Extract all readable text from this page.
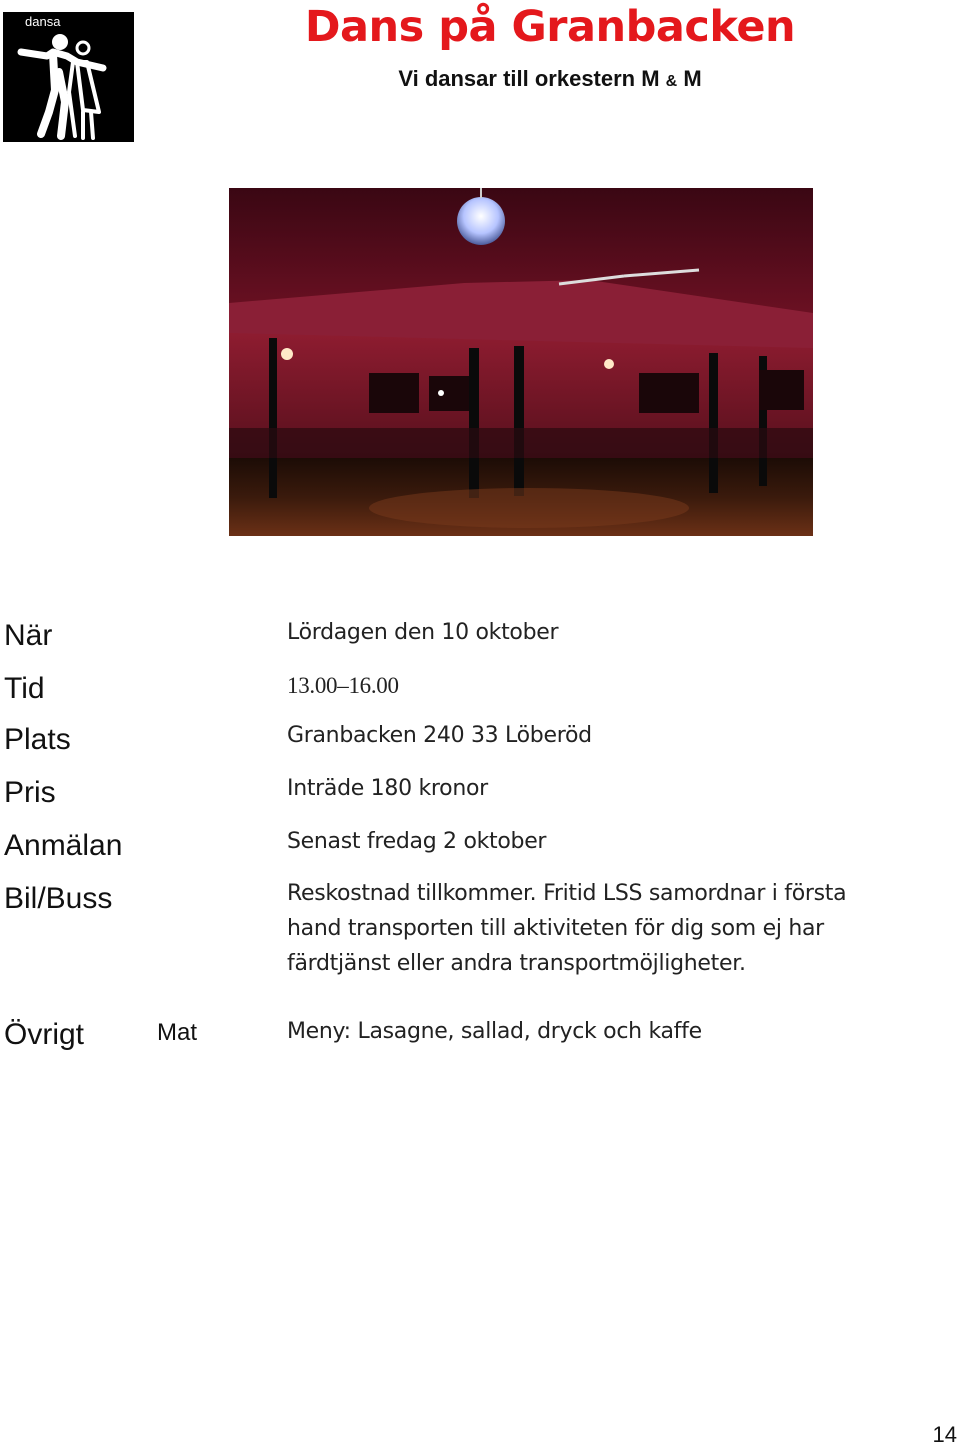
dansa	Dans på Granbacken

Vi dansar till orkestern M & M

När	Lördagen den 10 oktober
Tid	13.00–16.00
Plats	Granbacken 240 33 Löberöd
Pris	Inträde 180 kronor
Anmälan	Senast fredag 2 oktober
Bil/Buss	Reskostnad tillkommer. Fritid LSS samordnar i första hand transporten till aktiviteten för dig som ej har färdtjänst eller andra transportmöjligheter.
Övrigt	Mat	Meny: Lasagne, sallad, dryck och kaffe
14
